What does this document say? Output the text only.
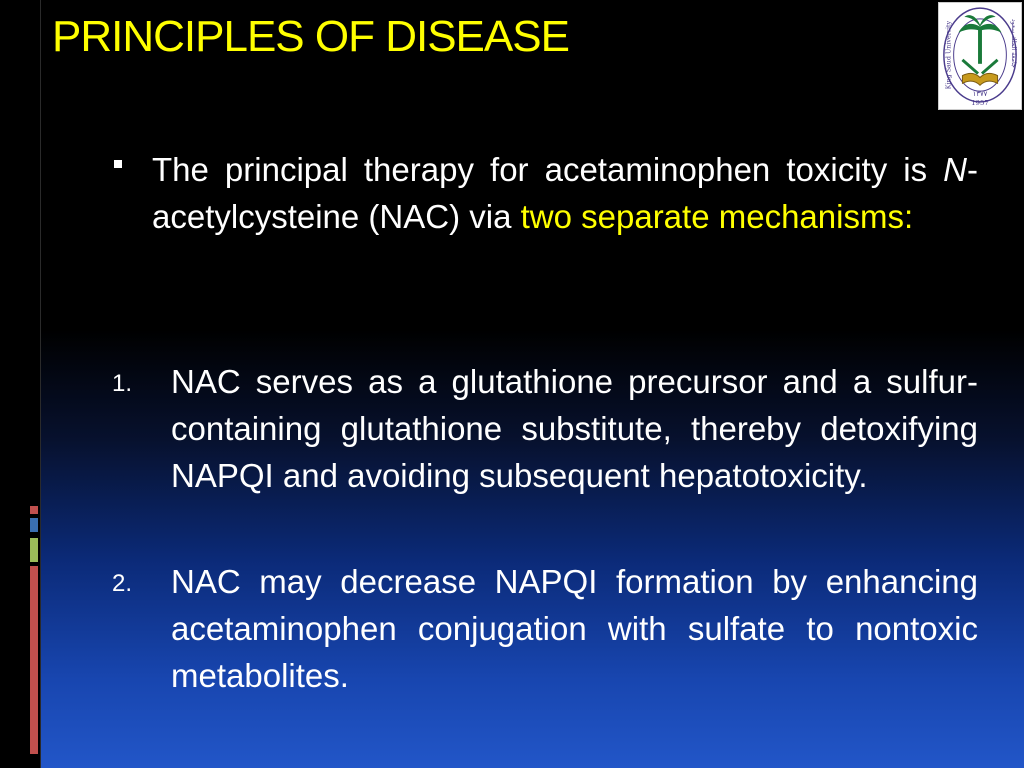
PRINCIPLES OF DISEASE
١٣٧٧
1957
King Saud University	جامعة الملك سعود

The principal therapy for acetaminophen toxicity is N-acetylcysteine (NAC) via two separate mechanisms:

1. NAC serves as a glutathione precursor and a sulfur-containing glutathione substitute, thereby detoxifying NAPQI and avoiding subsequent hepatotoxicity.

2. NAC may decrease NAPQI formation by enhancing acetaminophen conjugation with sulfate to nontoxic metabolites.
